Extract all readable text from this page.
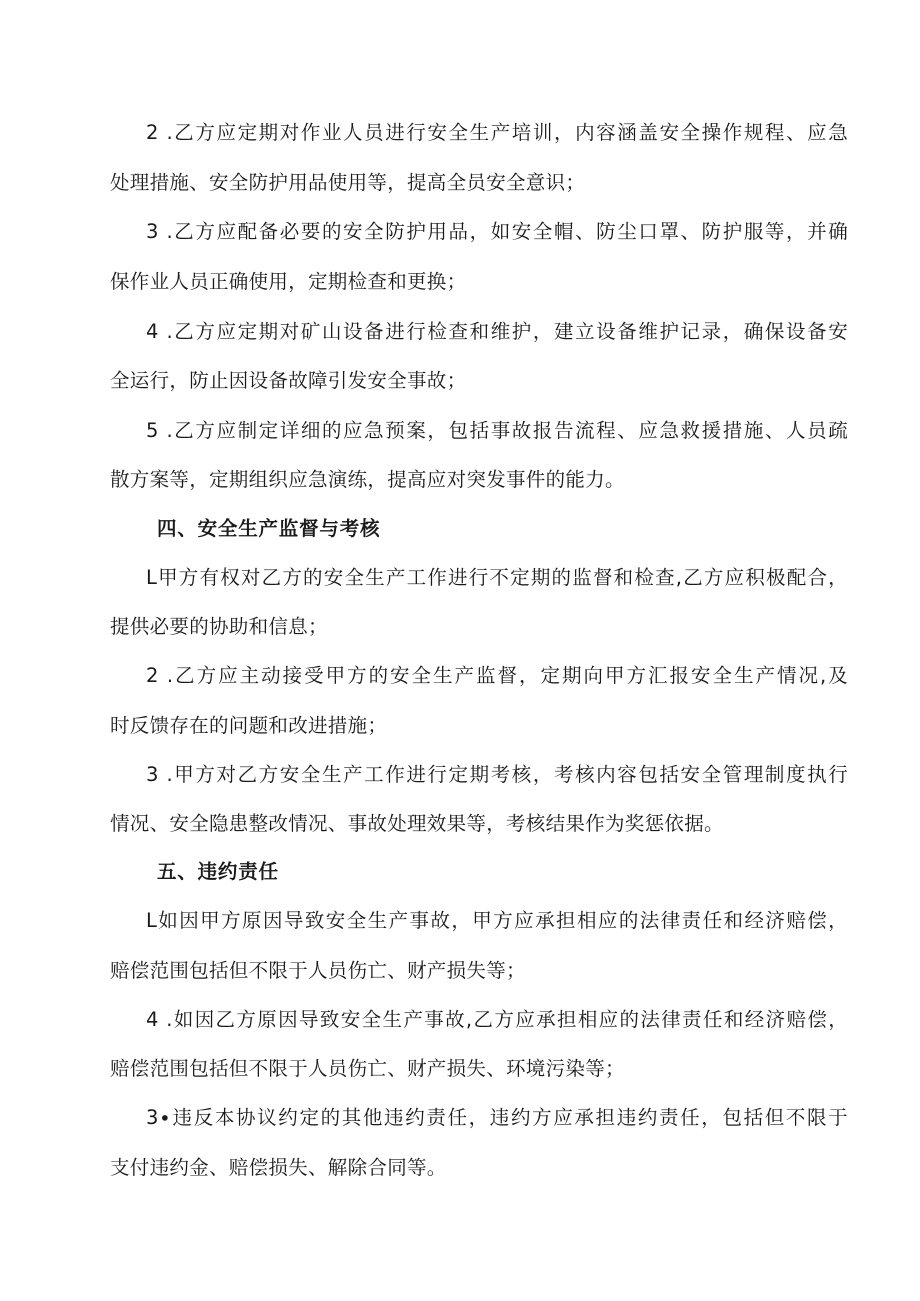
2 .乙方应定期对作业人员进行安全生产培训，内容涵盖安全操作规程、应急

处理措施、安全防护用品使用等，提高全员安全意识；

3 .乙方应配备必要的安全防护用品，如安全帽、防尘口罩、防护服等，并确

保作业人员正确使用，定期检查和更换；

4 .乙方应定期对矿山设备进行检查和维护，建立设备维护记录，确保设备安

全运行，防止因设备故障引发安全事故；

5 .乙方应制定详细的应急预案，包括事故报告流程、应急救援措施、人员疏

散方案等，定期组织应急演练，提高应对突发事件的能力。

四、安全生产监督与考核

L甲方有权对乙方的安全生产工作进行不定期的监督和检查,乙方应积极配合，

提供必要的协助和信息；

2 .乙方应主动接受甲方的安全生产监督，定期向甲方汇报安全生产情况,及

时反馈存在的问题和改进措施；

3 .甲方对乙方安全生产工作进行定期考核，考核内容包括安全管理制度执行

情况、安全隐患整改情况、事故处理效果等，考核结果作为奖惩依据。

五、违约责任

L如因甲方原因导致安全生产事故，甲方应承担相应的法律责任和经济赔偿，

赔偿范围包括但不限于人员伤亡、财产损失等；

4 .如因乙方原因导致安全生产事故,乙方应承担相应的法律责任和经济赔偿，

赔偿范围包括但不限于人员伤亡、财产损失、环境污染等；

3∙违反本协议约定的其他违约责任，违约方应承担违约责任，包括但不限于

支付违约金、赔偿损失、解除合同等。
